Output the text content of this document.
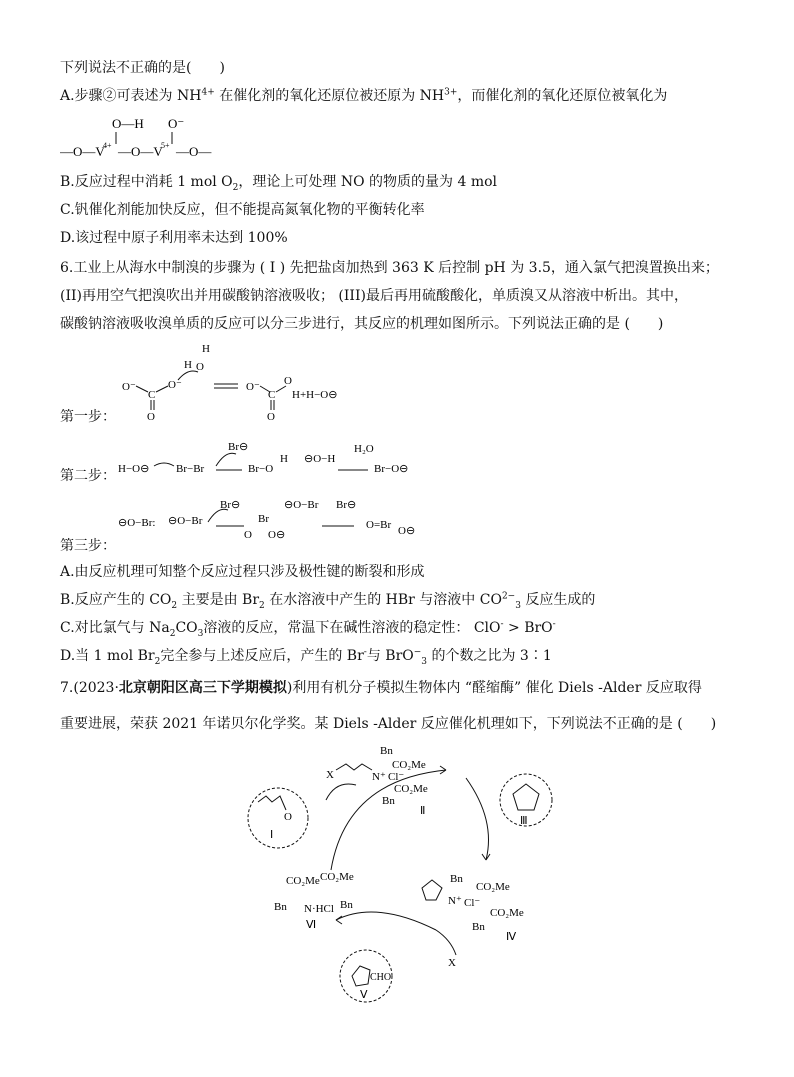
下列说法不正确的是(　　)
A.步骤②可表述为 $NH^{4+}$ 在催化剂的氧化还原位被还原为 $NH^{3+}$，而催化剂的氧化还原位被氧化为
O—H O⁻
—O—V
4+ —O—V
5+ —O—
B.反应过程中消耗 1 mol $O_2$，理论上可处理 NO 的物质的量为 4 mol
C.钒催化剂能加快反应，但不能提高氮氧化物的平衡转化率
D.该过程中原子利用率未达到 100%
6.工业上从海水中制溴的步骤为 ( I ) 先把盐卤加热到 363 K 后控制 pH 为 3.5，通入氯气把溴置换出来；
(II)再用空气把溴吹出并用碳酸钠溶液吸收； (III)最后再用硫酸酸化，单质溴又从溶液中析出。其中，
碳酸钠溶液吸收溴单质的反应可以分三步进行，其反应的机理如图所示。下列说法正确的是 (　　)
第一步：
H
H O
O⁻
C
O⁻
O
O⁻
C
O
O
H+H−O⊖
第二步： H−O⊖ Br−Br
Br⊖
Br−O
H ⊖O−H
H₂O
Br−O⊖
第三步：
⊖O−Br: ⊖O−Br
Br⊖
Br
O O⊖
⊖O−Br Br⊖
O=Br O⊖
A.由反应机理可知整个反应过程只涉及极性键的断裂和形成
B.反应产生的 $CO_2$ 主要是由 $Br_2$ 在水溶液中产生的 HBr 与溶液中 $CO^{2-}_3$ 反应生成的
C.对比氯气与 $Na_2CO_3$溶液的反应，常温下在碱性溶液的稳定性： ClO- > BrO-
D.当 1 mol $Br_2$完全参与上述反应后，产生的 Br-与 BrO−$_3$ 的个数之比为 3∶1
7.(2023·北京朝阳区高三下学期模拟)利用有机分子模拟生物体内 “醛缩酶” 催化 Diels -Alder 反应取得
重要进展，荣获 2021 年诺贝尔化学奖。某 Diels -Alder 反应催化机理如下，下列说法不正确的是 (　　)
X
O
Ⅰ
Bn
CO₂Me
N⁺ Cl⁻
CO₂Me
Bn
Ⅱ
Ⅲ
Bn
CO₂Me
N⁺ Cl⁻
CO₂Me
Bn
Ⅳ
CO₂Me CO₂Me
Bn N·HCl Bn
Ⅵ
X
CHO
Ⅴ
